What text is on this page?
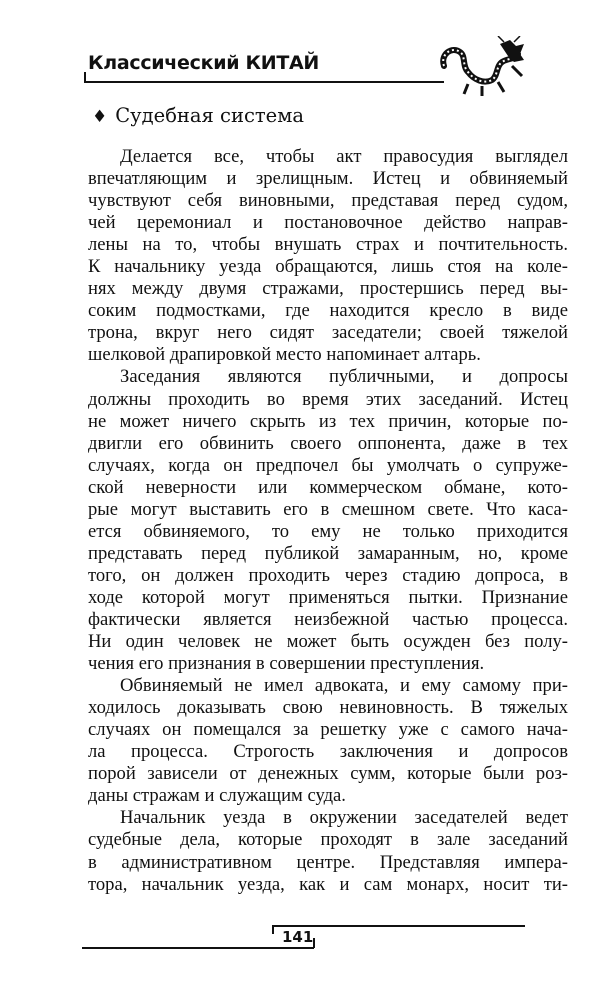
Классический КИТАЙ
♦ Судебная система
Делается все, чтобы акт правосудия выглядел
впечатляющим и зрелищным. Истец и обвиняемый
чувствуют себя виновными, представая перед судом,
чей церемониал и постановочное действо направ-
лены на то, чтобы внушать страх и почтительность.
К начальнику уезда обращаются, лишь стоя на коле-
нях между двумя стражами, простершись перед вы-
соким подмостками, где находится кресло в виде
трона, вкруг него сидят заседатели; своей тяжелой
шелковой драпировкой место напоминает алтарь.
Заседания являются публичными, и допросы
должны проходить во время этих заседаний. Истец
не может ничего скрыть из тех причин, которые по-
двигли его обвинить своего оппонента, даже в тех
случаях, когда он предпочел бы умолчать о супруже-
ской неверности или коммерческом обмане, кото-
рые могут выставить его в смешном свете. Что каса-
ется обвиняемого, то ему не только приходится
представать перед публикой замаранным, но, кроме
того, он должен проходить через стадию допроса, в
ходе которой могут применяться пытки. Признание
фактически является неизбежной частью процесса.
Ни один человек не может быть осужден без полу-
чения его признания в совершении преступления.
Обвиняемый не имел адвоката, и ему самому при-
ходилось доказывать свою невиновность. В тяжелых
случаях он помещался за решетку уже с самого нача-
ла процесса. Строгость заключения и допросов
порой зависели от денежных сумм, которые были роз-
даны стражам и служащим суда.
Начальник уезда в окружении заседателей ведет
судебные дела, которые проходят в зале заседаний
в административном центре. Представляя импера-
тора, начальник уезда, как и сам монарх, носит ти-
141
